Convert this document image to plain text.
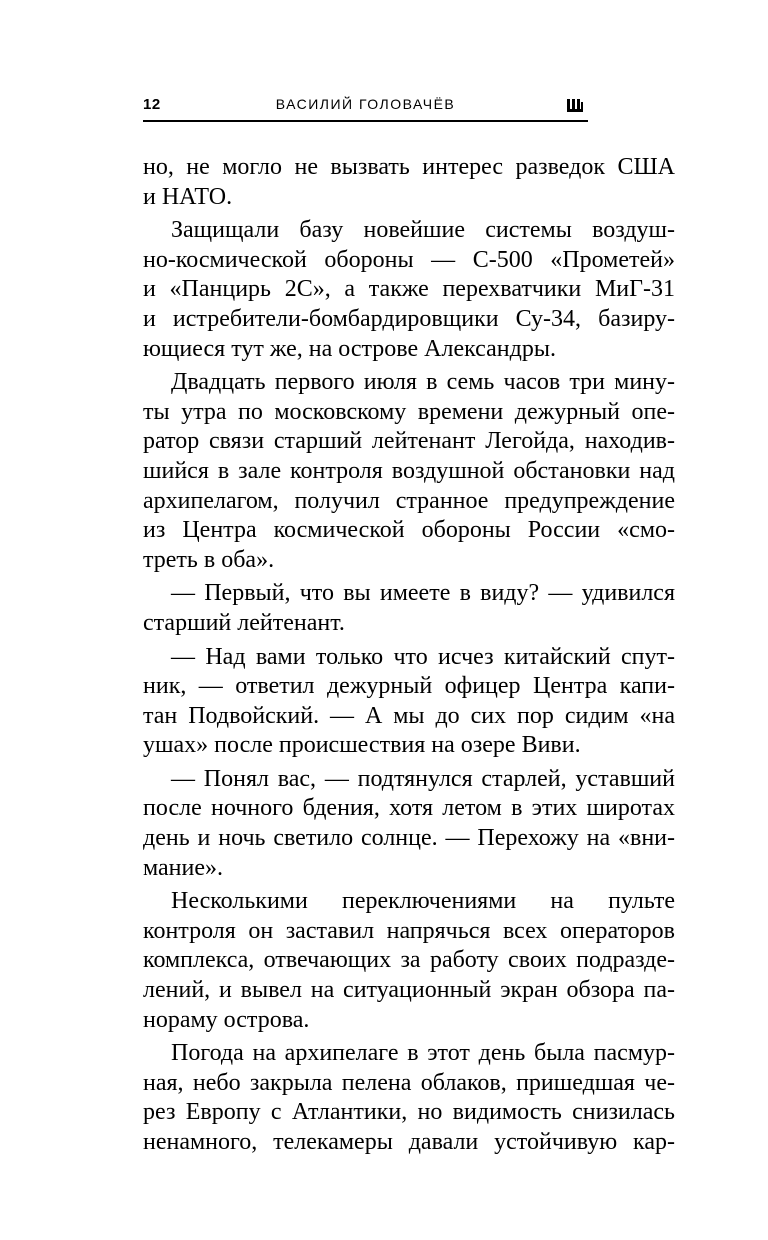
12	ВАСИЛИЙ ГОЛОВАЧЁВ
но, не могло не вызвать интерес разведок США
и НАТО.
Защищали базу новейшие системы воздуш-
но-космической обороны — С-500 «Прометей»
и «Панцирь 2С», а также перехватчики МиГ-31
и истребители-бомбардировщики Су-34, базиру-
ющиеся тут же, на острове Александры.
Двадцать первого июля в семь часов три мину-
ты утра по московскому времени дежурный опе-
ратор связи старший лейтенант Легойда, находив-
шийся в зале контроля воздушной обстановки над
архипелагом, получил странное предупреждение
из Центра космической обороны России «смо-
треть в оба».
— Первый, что вы имеете в виду? — удивился
старший лейтенант.
— Над вами только что исчез китайский спут-
ник, — ответил дежурный офицер Центра капи-
тан Подвойский. — А мы до сих пор сидим «на
ушах» после происшествия на озере Виви.
— Понял вас, — подтянулся старлей, уставший
после ночного бдения, хотя летом в этих широтах
день и ночь светило солнце. — Перехожу на «вни-
мание».
Несколькими переключениями на пульте
контроля он заставил напрячься всех операторов
комплекса, отвечающих за работу своих подразде-
лений, и вывел на ситуационный экран обзора па-
нораму острова.
Погода на архипелаге в этот день была пасмур-
ная, небо закрыла пелена облаков, пришедшая че-
рез Европу с Атлантики, но видимость снизилась
ненамного, телекамеры давали устойчивую кар-
